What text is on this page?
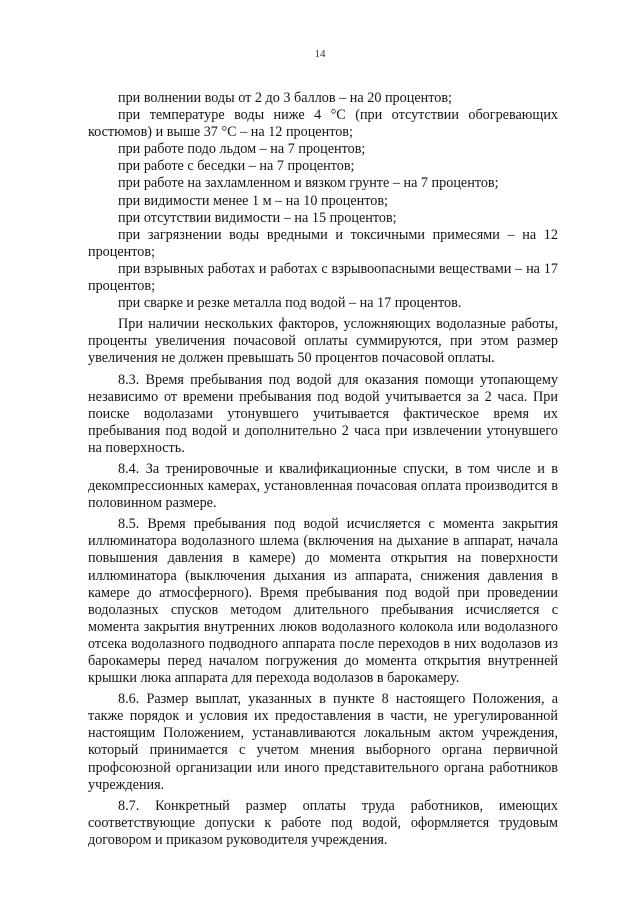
14

при волнении воды от 2 до 3 баллов – на 20 процентов;

при температуре воды ниже 4 °С (при отсутствии обогревающих костюмов) и выше 37 °С – на 12 процентов;

при работе подо льдом – на 7 процентов;

при работе с беседки – на 7 процентов;

при работе на захламленном и вязком грунте – на 7 процентов;

при видимости менее 1 м – на 10 процентов;

при отсутствии видимости – на 15 процентов;

при загрязнении воды вредными и токсичными примесями – на 12 процентов;

при взрывных работах и работах с взрывоопасными веществами – на 17 процентов;

при сварке и резке металла под водой – на 17 процентов.

При наличии нескольких факторов, усложняющих водолазные работы, проценты увеличения почасовой оплаты суммируются, при этом размер увеличения не должен превышать 50 процентов почасовой оплаты.

8.3. Время пребывания под водой для оказания помощи утопающему независимо от времени пребывания под водой учитывается за 2 часа. При поиске водолазами утонувшего учитывается фактическое время их пребывания под водой и дополнительно 2 часа при извлечении утонувшего на поверхность.

8.4. За тренировочные и квалификационные спуски, в том числе и в декомпрессионных камерах, установленная почасовая оплата производится в половинном размере.

8.5. Время пребывания под водой исчисляется с момента закрытия иллюминатора водолазного шлема (включения на дыхание в аппарат, начала повышения давления в камере) до момента открытия на поверхности иллюминатора (выключения дыхания из аппарата, снижения давления в камере до атмосферного). Время пребывания под водой при проведении водолазных спусков методом длительного пребывания исчисляется с момента закрытия внутренних люков водолазного колокола или водолазного отсека водолазного подводного аппарата после переходов в них водолазов из барокамеры перед началом погружения до момента открытия внутренней крышки люка аппарата для перехода водолазов в барокамеру.

8.6. Размер выплат, указанных в пункте 8 настоящего Положения, а также порядок и условия их предоставления в части, не урегулированной настоящим Положением, устанавливаются локальным актом учреждения, который принимается с учетом мнения выборного органа первичной профсоюзной организации или иного представительного органа работников учреждения.

8.7. Конкретный размер оплаты труда работников, имеющих соответствующие допуски к работе под водой, оформляется трудовым договором и приказом руководителя учреждения.
